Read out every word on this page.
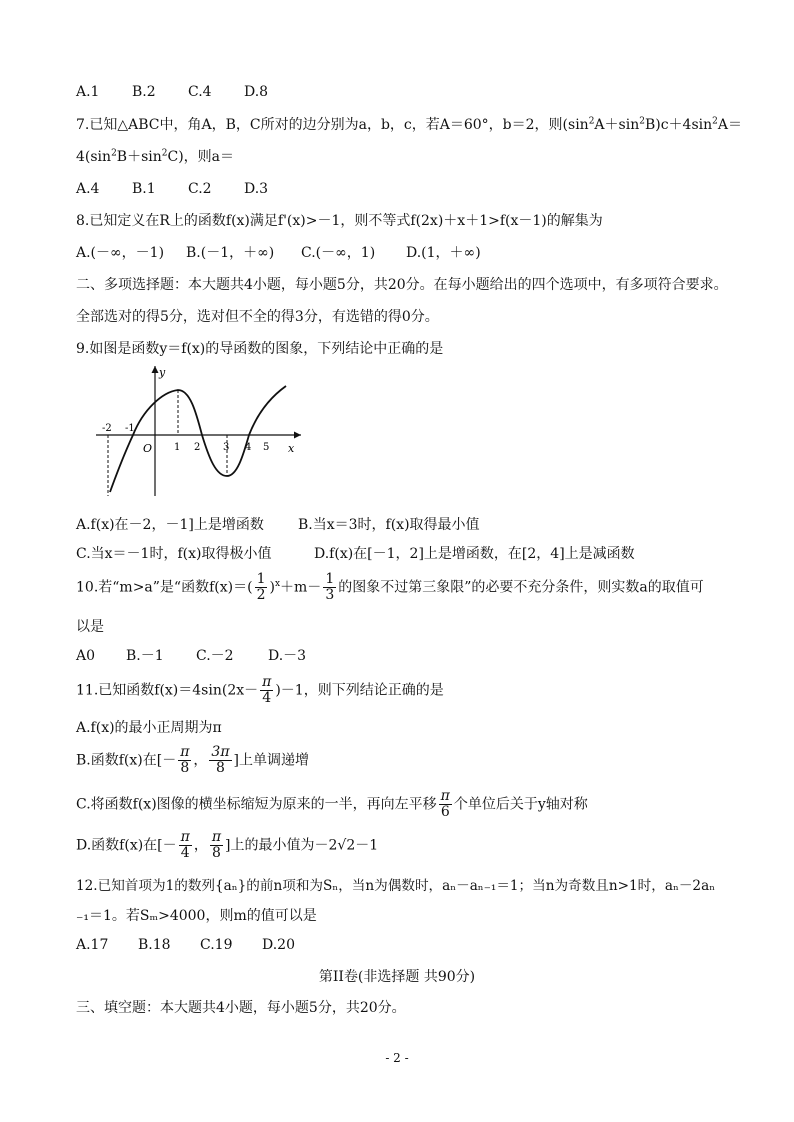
A.1 B.2 C.4 D.8
7.已知△ABC中，角A，B，C所对的边分别为a，b，c，若A＝60°，b＝2，则$(\sin^2A+\sin^2B)c+4\sin^2A=$
$4(\sin^2B+\sin^2C)$，则a＝
A.4 B.1 C.2 D.3
8.已知定义在R上的函数f(x)满足f'(x)>－1，则不等式f(2x)＋x＋1>f(x－1)的解集为
A.(－∞，－1) B.(－1，＋∞) C.(－∞，1) D.(1，＋∞)
二、多项选择题：本大题共4小题，每小题5分，共20分。在每小题给出的四个选项中，有多项符合要求。
全部选对的得5分，选对但不全的得3分，有选错的得0分。
9.如图是函数y＝f(x)的导函数的图象，下列结论中正确的是
y
x
O
-2 -1
1 2 3 4 5
A.f(x)在－2，－1]上是增函数 B.当x＝3时，f(x)取得最小值
C.当x＝－1时，f(x)取得极小值	D.f(x)在[－1，2]上是增函数，在[2，4]上是减函数
10.若“m>a”是“函数$f(x)=( \frac{1}{2} )^x+m- \frac{1}{3}$ 的图象不过第三象限”的必要不充分条件，则实数a的取值可
以是
A0 B.－1 C.－2 D.－3
11.已知函数$f(x)=4\sin(2x- \frac{\pi}{4} )-1$，则下列结论正确的是
A.f(x)的最小正周期为π
B.函数f(x)在[－ $\frac{\pi}{8}$ ， $\frac{3\pi}{8}$ ]上单调递增
C.将函数f(x)图像的横坐标缩短为原来的一半，再向左平移 $\frac{\pi}{6}$ 个单位后关于y轴对称
D.函数f(x)在[－ $\frac{\pi}{4}$ ， $\frac{\pi}{8}$ ]上的最小值为－2√2－1
12.已知首项为1的数列{aₙ}的前n项和为Sₙ，当n为偶数时，aₙ－aₙ₋₁＝1；当n为奇数且n>1时，aₙ－2aₙ
₋₁＝1。若Sₘ>4000，则m的值可以是
A.17 B.18 C.19 D.20
第II卷(非选择题 共90分)
三、填空题：本大题共4小题，每小题5分，共20分。
- 2 -
